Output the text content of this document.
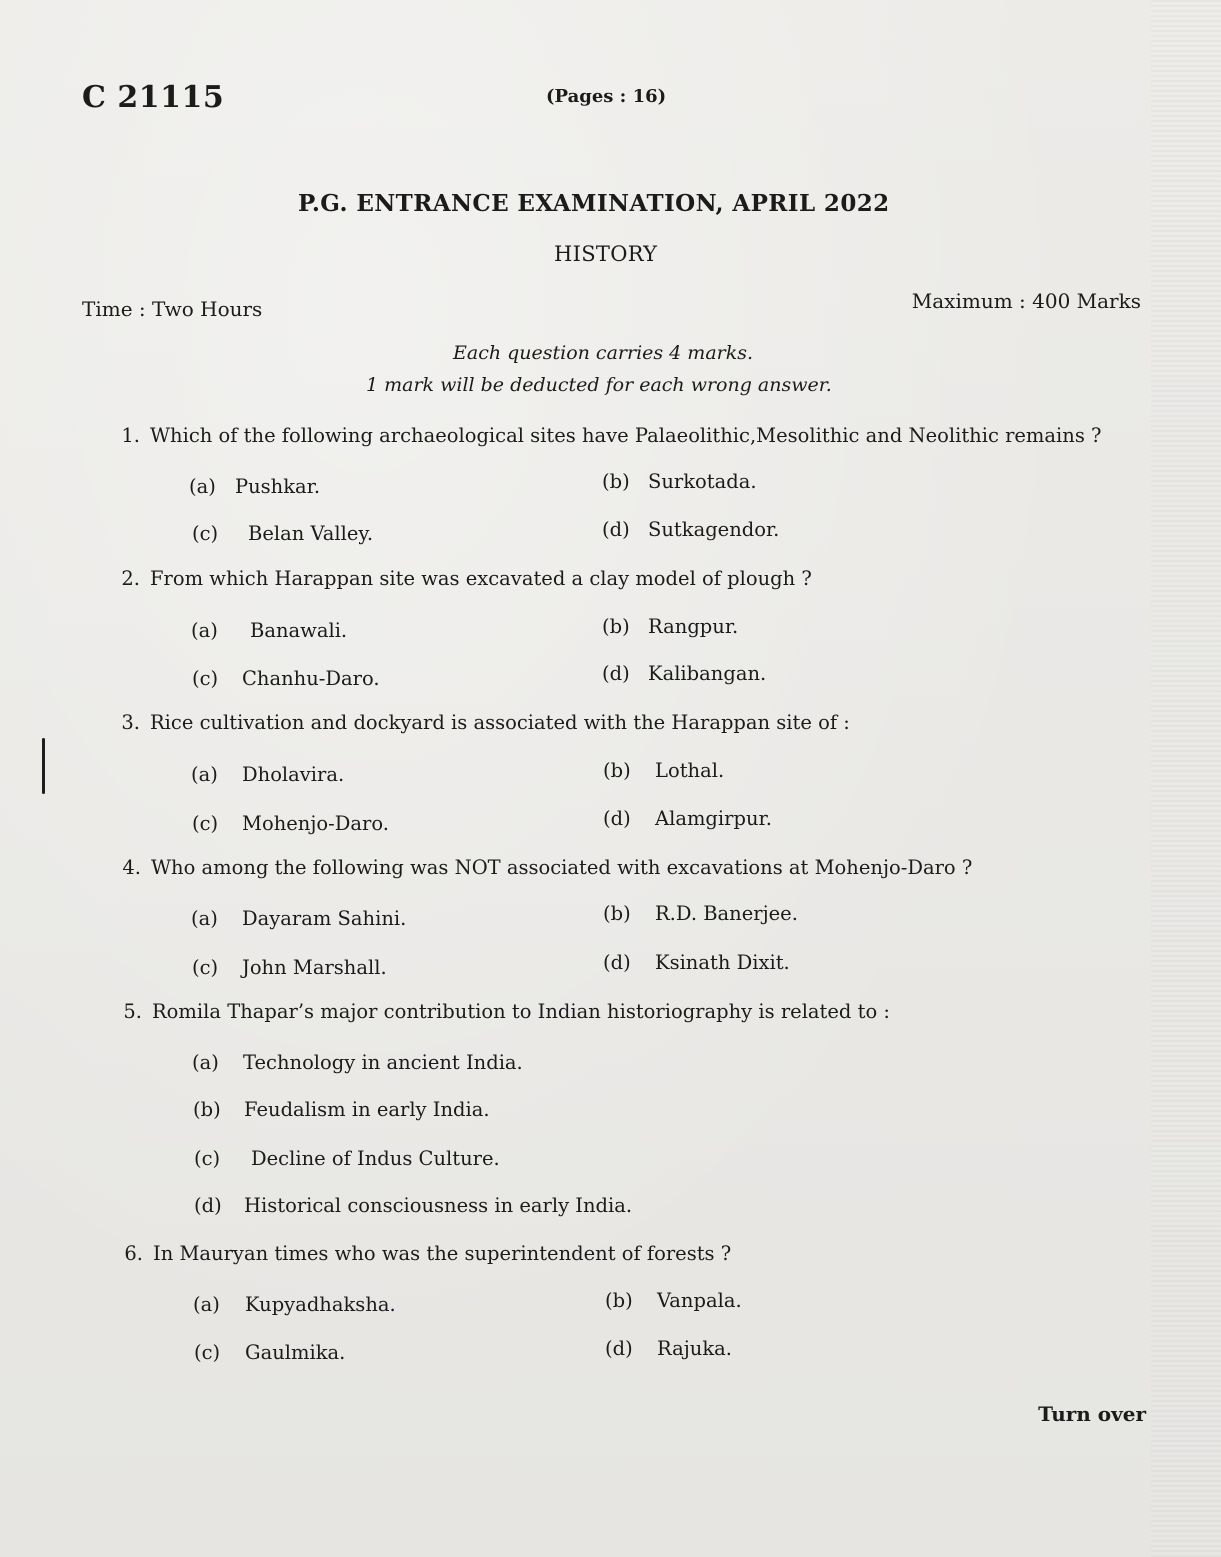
C 21115	(Pages : 16)
P.G. ENTRANCE EXAMINATION, APRIL 2022
HISTORY
Time : Two Hours	Maximum : 400 Marks
Each question carries 4 marks.
1 mark will be deducted for each wrong answer.
1. Which of the following archaeological sites have Palaeolithic,Mesolithic and Neolithic remains ?
(a) Pushkar.	(b) Surkotada.
(c) Belan Valley.	(d) Sutkagendor.
2. From which Harappan site was excavated a clay model of plough ?
(a) Banawali.	(b) Rangpur.
(c) Chanhu-Daro.	(d) Kalibangan.
3. Rice cultivation and dockyard is associated with the Harappan site of :
(a) Dholavira.	(b) Lothal.
(c) Mohenjo-Daro.	(d) Alamgirpur.
4. Who among the following was NOT associated with excavations at Mohenjo-Daro ?
(a) Dayaram Sahini.	(b) R.D. Banerjee.
(c) John Marshall.	(d) Ksinath Dixit.
5. Romila Thapar’s major contribution to Indian historiography is related to :
(a) Technology in ancient India.
(b) Feudalism in early India.
(c) Decline of Indus Culture.
(d) Historical consciousness in early India.
6. In Mauryan times who was the superintendent of forests ?
(a) Kupyadhaksha.	(b) Vanpala.
(c) Gaulmika.	(d) Rajuka.
Turn over
